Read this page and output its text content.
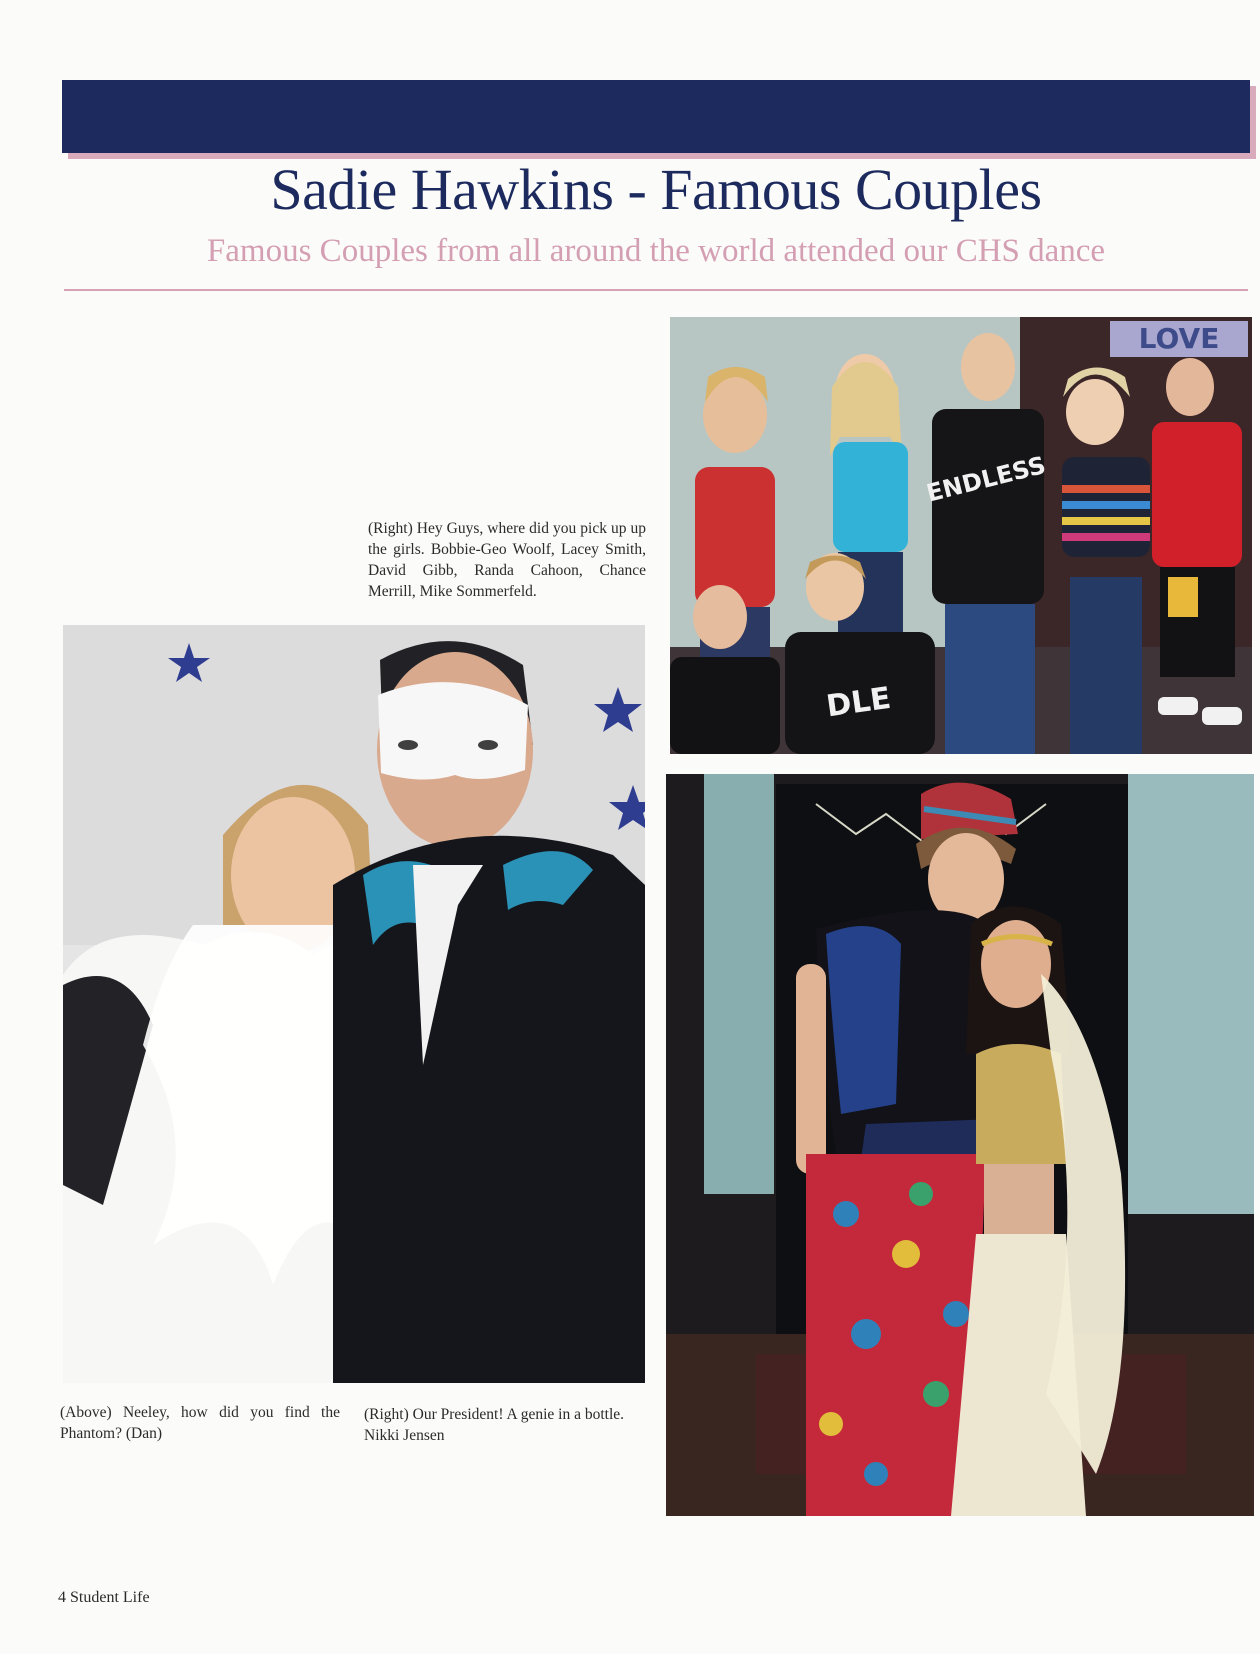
Sadie Hawkins - Famous Couples
Famous Couples from all around the world attended our CHS dance
LOVE
ENDLESS
DLE
(Right) Hey Guys, where did you pick up up the girls. Bobbie-Geo Woolf, Lacey Smith, David Gibb, Randa Cahoon, Chance Merrill, Mike Sommerfeld.
(Above) Neeley, how did you find the Phantom? (Dan)
(Right) Our President! A genie in a bottle. Nikki Jensen
4 Student Life
